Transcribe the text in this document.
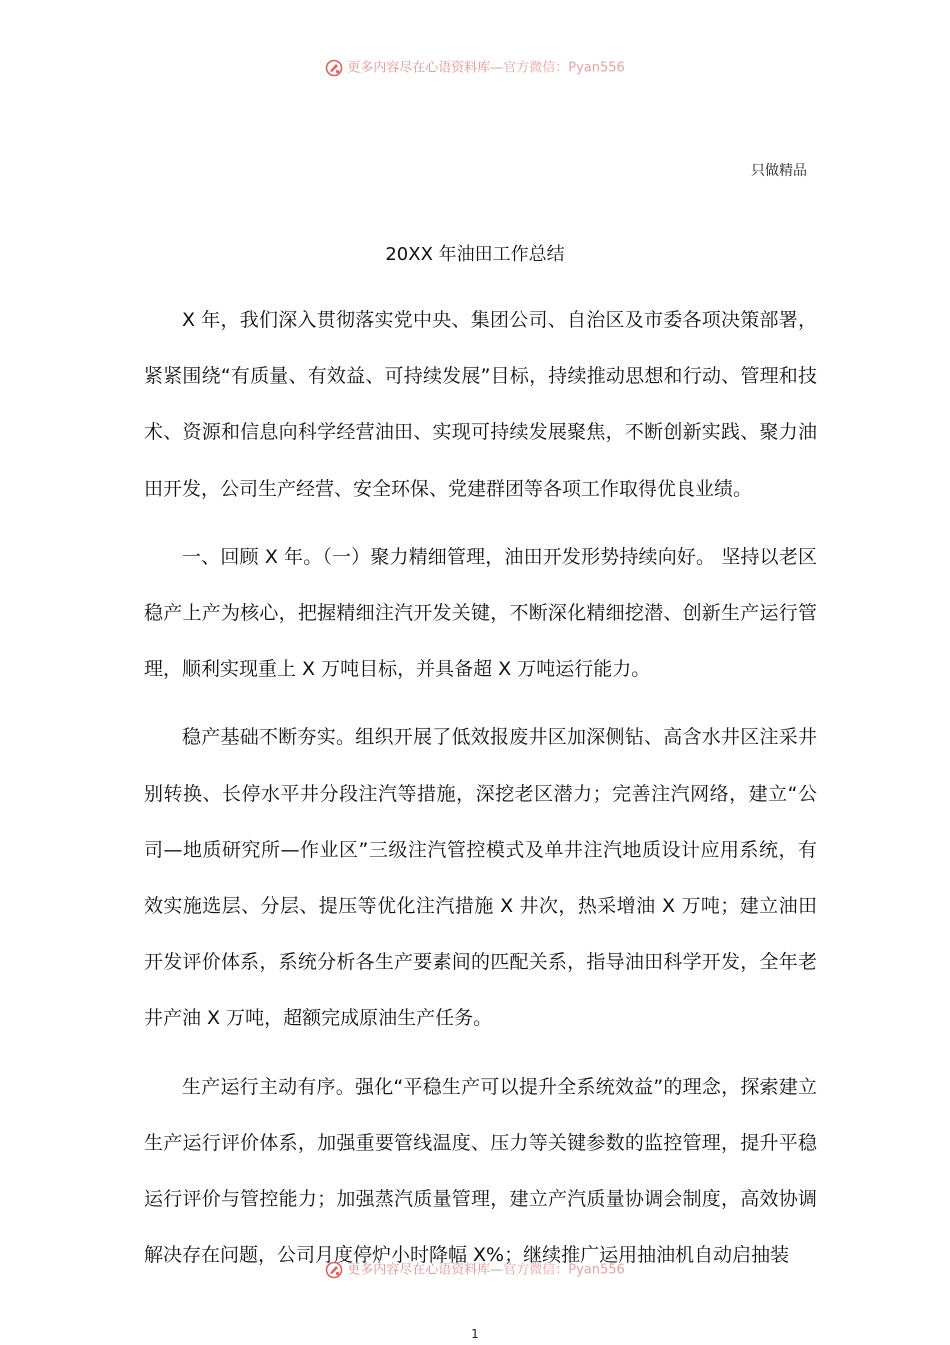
更多内容尽在心语资料库—官方微信：Pyan556
只做精品
20XX 年油田工作总结

X 年，我们深入贯彻落实党中央、集团公司、自治区及市委各项决策部署，紧紧围绕“有质量、有效益、可持续发展”目标，持续推动思想和行动、管理和技术、资源和信息向科学经营油田、实现可持续发展聚焦，不断创新实践、聚力油田开发，公司生产经营、安全环保、党建群团等各项工作取得优良业绩。

一、回顾 X 年。（一）聚力精细管理，油田开发形势持续向好。 坚持以老区稳产上产为核心，把握精细注汽开发关键，不断深化精细挖潜、创新生产运行管理，顺利实现重上 X 万吨目标，并具备超 X 万吨运行能力。

稳产基础不断夯实。组织开展了低效报废井区加深侧钻、高含水井区注采井别转换、长停水平井分段注汽等措施，深挖老区潜力；完善注汽网络，建立“公司—地质研究所—作业区”三级注汽管控模式及单井注汽地质设计应用系统，有效实施选层、分层、提压等优化注汽措施 X 井次，热采增油 X 万吨；建立油田开发评价体系，系统分析各生产要素间的匹配关系，指导油田科学开发，全年老井产油 X 万吨，超额完成原油生产任务。

生产运行主动有序。强化“平稳生产可以提升全系统效益”的理念，探索建立生产运行评价体系，加强重要管线温度、压力等关键参数的监控管理，提升平稳运行评价与管控能力；加强蒸汽质量管理，建立产汽质量协调会制度，高效协调解决存在问题，公司月度停炉小时降幅 X%；继续推广运用抽油机自动启抽装

更多内容尽在心语资料库—官方微信：Pyan556
1
